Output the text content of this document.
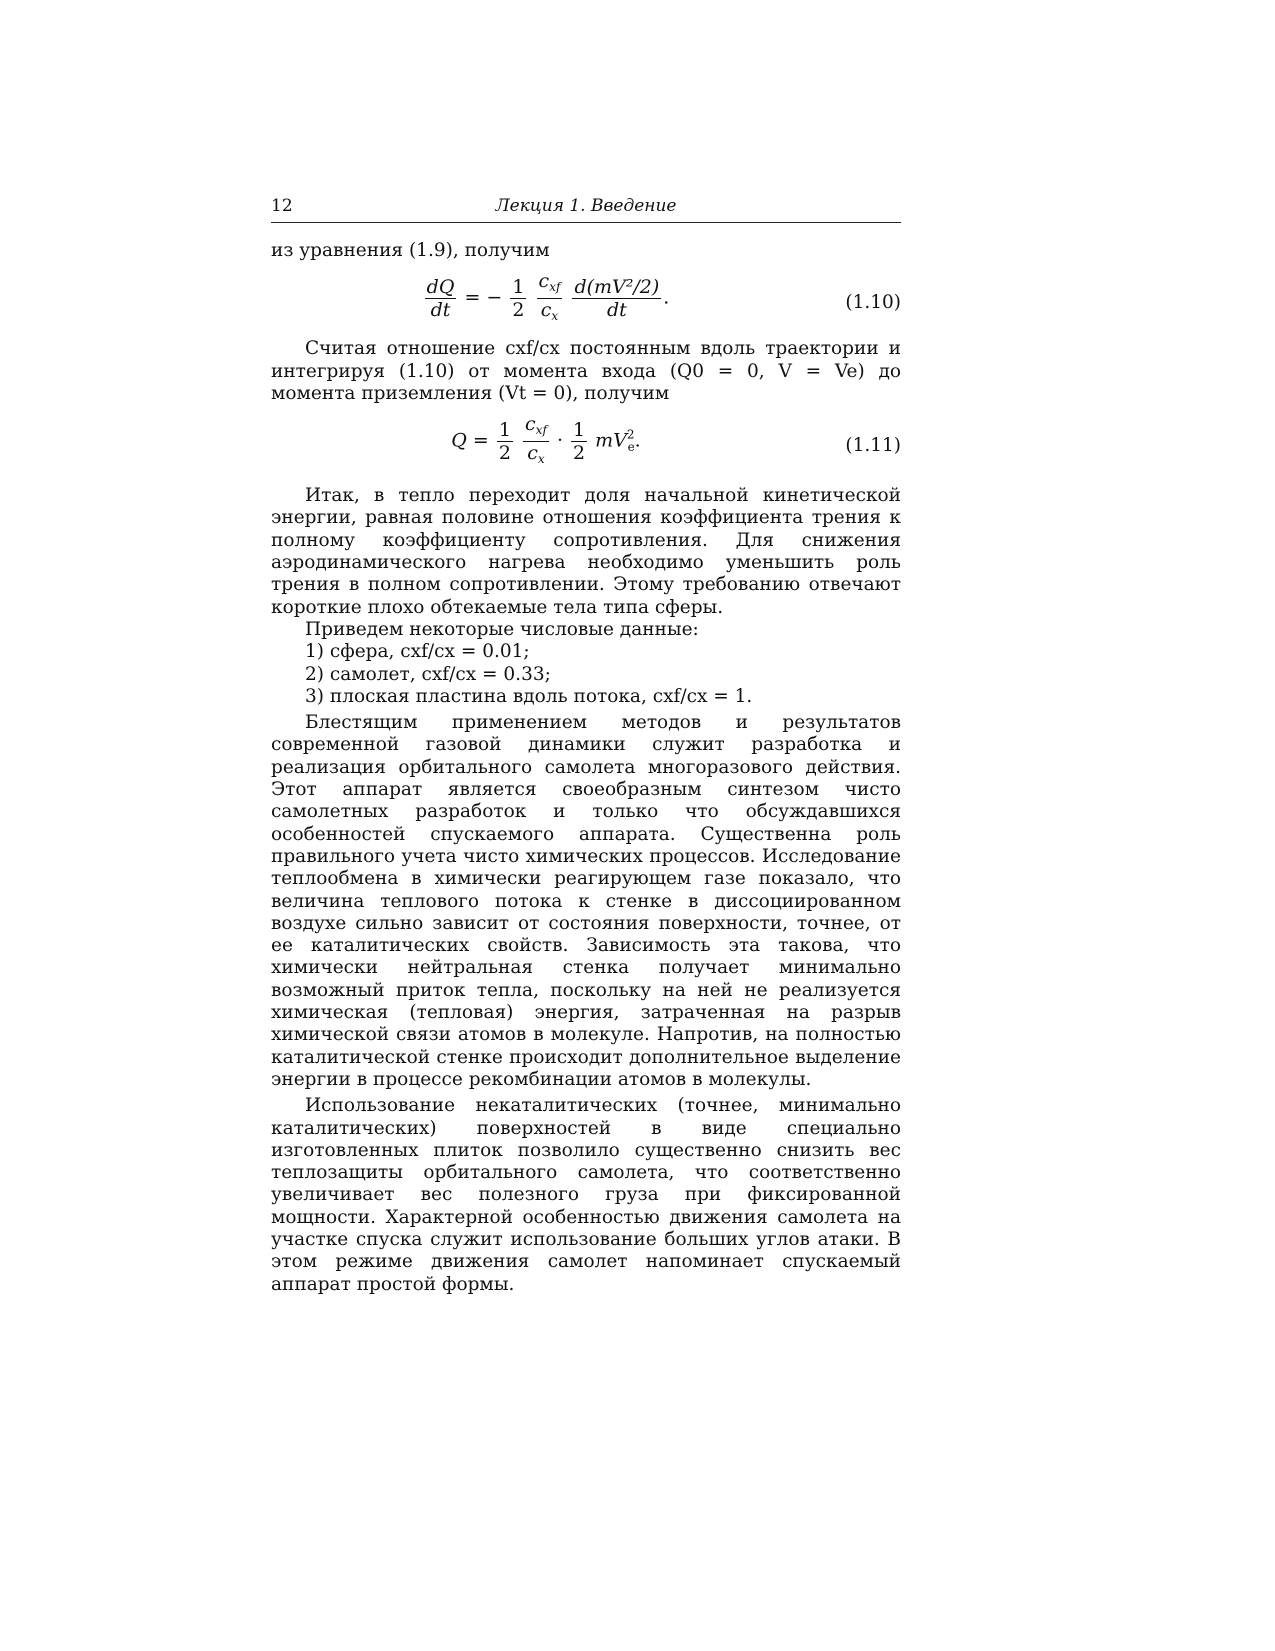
12	Лекция 1. Введение

из уравнения (1.9), получим

$\frac{dQ}{dt}$ = − $\frac{1}{2}$
$\frac{c_{xf}}{c_x}$
$\frac{\text{d(mV²/2)}}{dt}$ .	(1.10)

Считая отношение cxf/cx постоянным вдоль траектории и интегрируя (1.10) от момента входа (Q0 = 0, V = Ve) до момента приземления (Vt = 0), получим

$Q = \frac{1}{2}$
$\frac{c_{xf}}{c_x} \cdot \frac{1}{2} mV^2_e$.	(1.11)

Итак, в тепло переходит доля начальной кинетической энергии, равная половине отношения коэффициента трения к полному коэффициенту сопротивления. Для снижения аэродинамического нагрева необходимо уменьшить роль трения в полном сопротивлении. Этому требованию отвечают короткие плохо обтекаемые тела типа сферы.

Приведем некоторые числовые данные:

1) сфера, cxf/cx = 0.01;

2) самолет, cxf/cx = 0.33;

3) плоская пластина вдоль потока, cxf/cx = 1.

Блестящим применением методов и результатов современной газовой динамики служит разработка и реализация орбитального самолета многоразового действия. Этот аппарат является своеобразным синтезом чисто самолетных разработок и только что обсуждавшихся особенностей спускаемого аппарата. Существенна роль правильного учета чисто химических процессов. Исследование теплообмена в химически реагирующем газе показало, что величина теплового потока к стенке в диссоциированном воздухе сильно зависит от состояния поверхности, точнее, от ее каталитических свойств. Зависимость эта такова, что химически нейтральная стенка получает минимально возможный приток тепла, поскольку на ней не реализуется химическая (тепловая) энергия, затраченная на разрыв химической связи атомов в молекуле. Напротив, на полностью каталитической стенке происходит дополнительное выделение энергии в процессе рекомбинации атомов в молекулы.

Использование некаталитических (точнее, минимально каталитических) поверхностей в виде специально изготовленных плиток позволило существенно снизить вес теплозащиты орбитального самолета, что соответственно увеличивает вес полезного груза при фиксированной мощности. Характерной особенностью движения самолета на участке спуска служит использование больших углов атаки. В этом режиме движения самолет напоминает спускаемый аппарат простой формы.
